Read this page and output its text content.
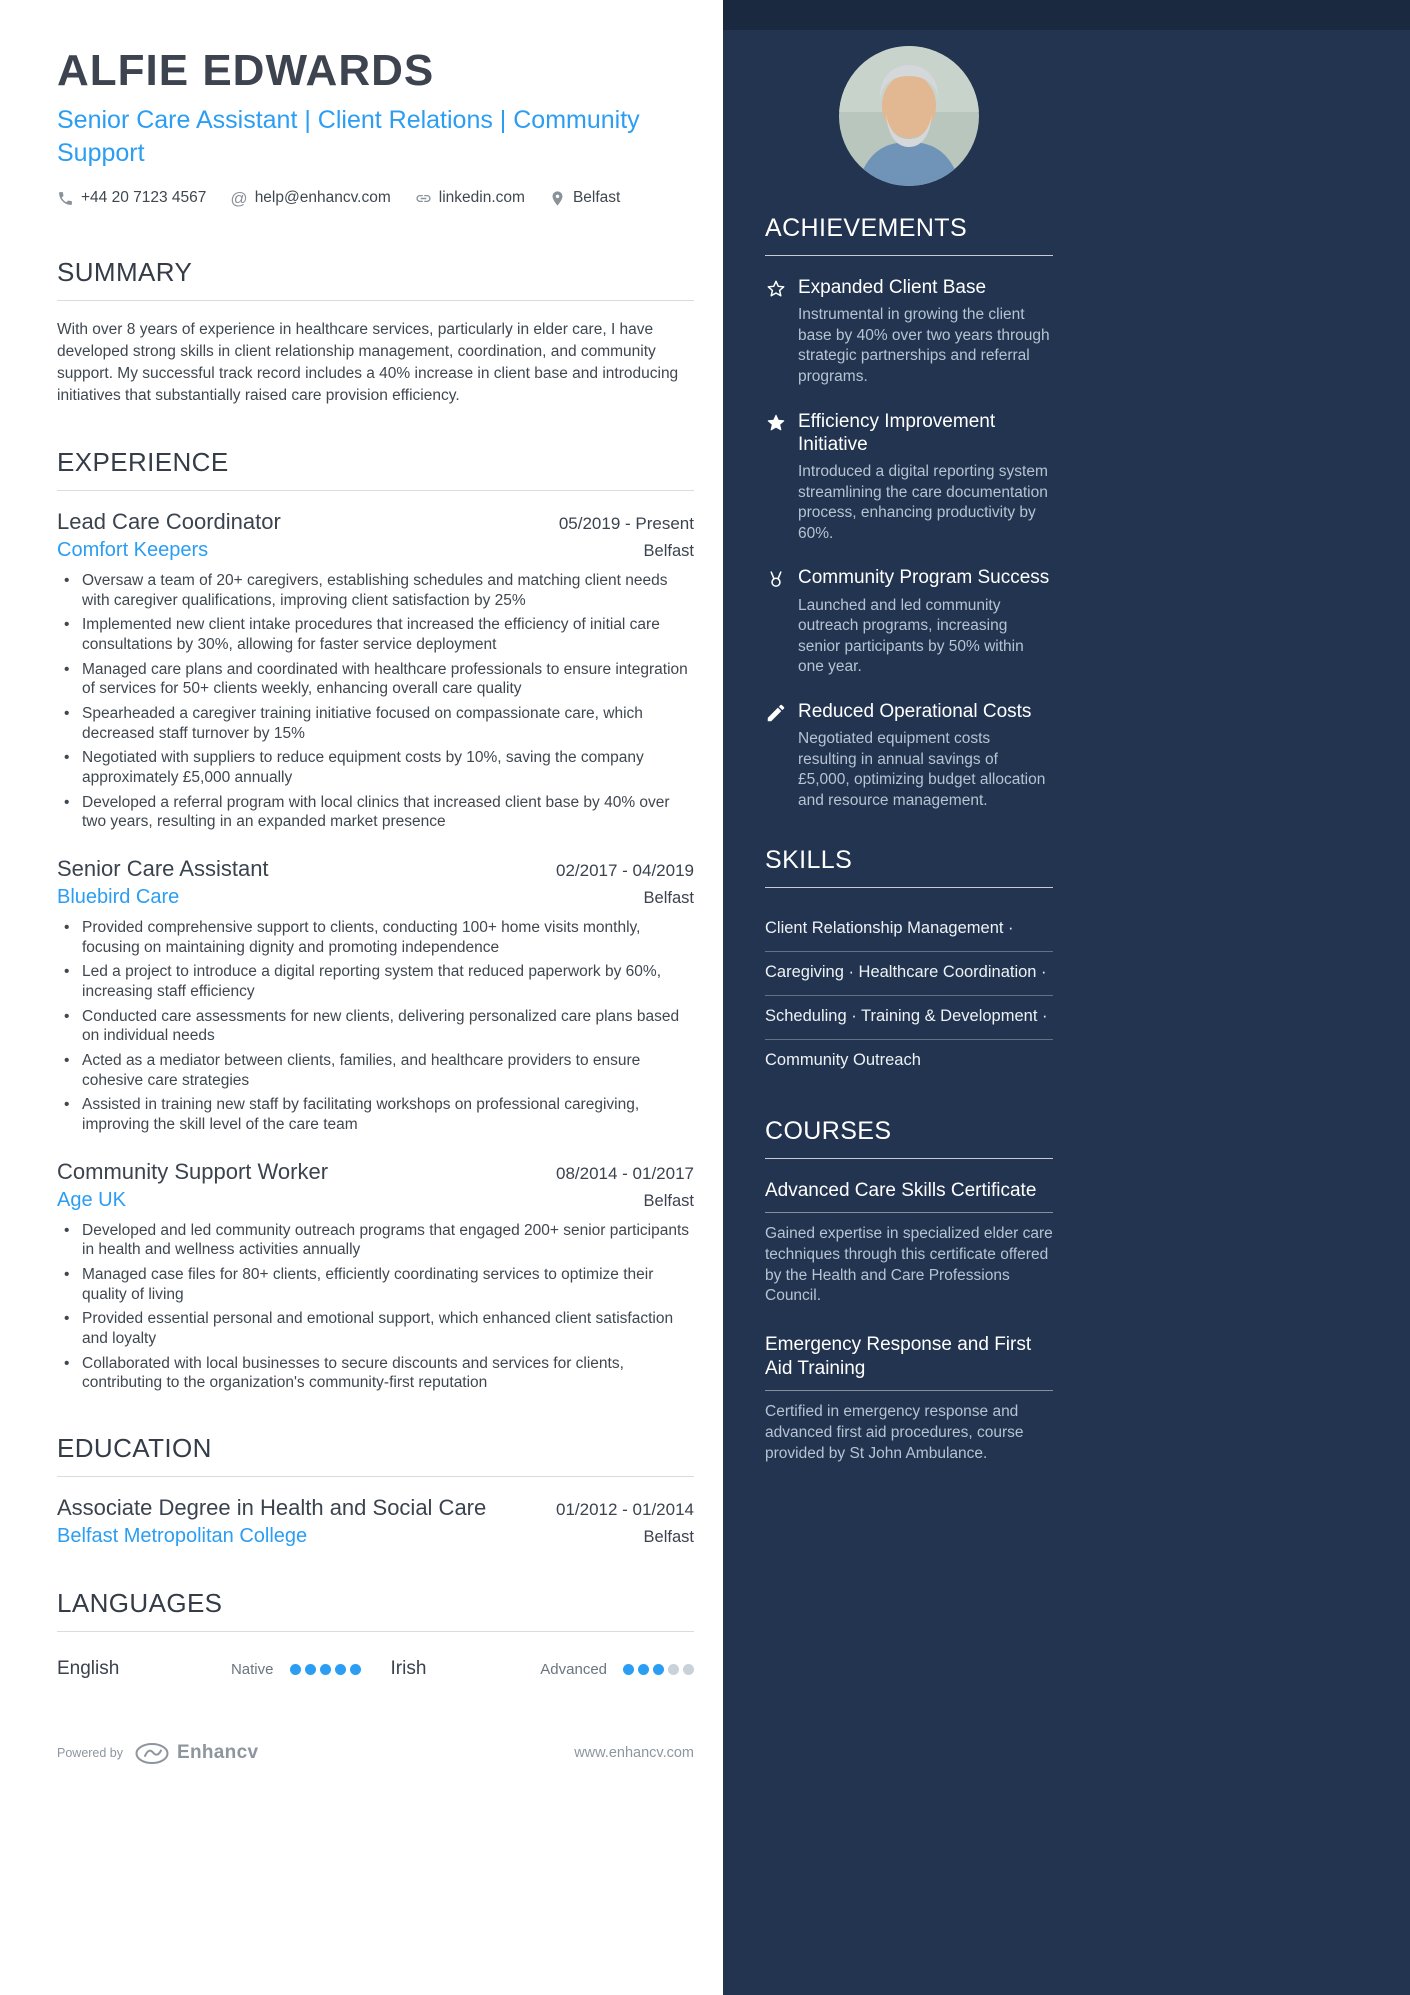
ALFIE EDWARDS
Senior Care Assistant | Client Relations | Community Support
+44 20 7123 4567 @ help@enhancv.com	linkedin.com	Belfast
SUMMARY

With over 8 years of experience in healthcare services, particularly in elder care, I have developed strong skills in client relationship management, coordination, and community support. My successful track record includes a 40% increase in client base and introducing initiatives that substantially raised care provision efficiency.

EXPERIENCE
Lead Care Coordinator	05/2019 - Present
Comfort Keepers	Belfast
• Oversaw a team of 20+ caregivers, establishing schedules and matching client needs with caregiver qualifications, improving client satisfaction by 25%
• Implemented new client intake procedures that increased the efficiency of initial care consultations by 30%, allowing for faster service deployment
• Managed care plans and coordinated with healthcare professionals to ensure integration of services for 50+ clients weekly, enhancing overall care quality
• Spearheaded a caregiver training initiative focused on compassionate care, which decreased staff turnover by 15%
• Negotiated with suppliers to reduce equipment costs by 10%, saving the company approximately £5,000 annually
• Developed a referral program with local clinics that increased client base by 40% over two years, resulting in an expanded market presence
Senior Care Assistant	02/2017 - 04/2019
Bluebird Care	Belfast
• Provided comprehensive support to clients, conducting 100+ home visits monthly, focusing on maintaining dignity and promoting independence
• Led a project to introduce a digital reporting system that reduced paperwork by 60%, increasing staff efficiency
• Conducted care assessments for new clients, delivering personalized care plans based on individual needs
• Acted as a mediator between clients, families, and healthcare providers to ensure cohesive care strategies
• Assisted in training new staff by facilitating workshops on professional caregiving, improving the skill level of the care team
Community Support Worker	08/2014 - 01/2017
Age UK	Belfast
• Developed and led community outreach programs that engaged 200+ senior participants in health and wellness activities annually
• Managed case files for 80+ clients, efficiently coordinating services to optimize their quality of living
• Provided essential personal and emotional support, which enhanced client satisfaction and loyalty
• Collaborated with local businesses to secure discounts and services for clients, contributing to the organization's community-first reputation
EDUCATION
Associate Degree in Health and Social Care	01/2012 - 01/2014
Belfast Metropolitan College	Belfast
LANGUAGES
English	Native	Irish	Advanced
Powered by	Enhancv	www.enhancv.com
ACHIEVEMENTS
Expanded Client Base

Instrumental in growing the client base by 40% over two years through strategic partnerships and referral programs.

Efficiency Improvement Initiative

Introduced a digital reporting system streamlining the care documentation process, enhancing productivity by 60%.

Community Program Success

Launched and led community outreach programs, increasing senior participants by 50% within one year.

Reduced Operational Costs

Negotiated equipment costs resulting in annual savings of £5,000, optimizing budget allocation and resource management.

SKILLS
Client Relationship Management ·
Caregiving · Healthcare Coordination ·
Scheduling · Training & Development ·
Community Outreach
COURSES
Advanced Care Skills Certificate

Gained expertise in specialized elder care techniques through this certificate offered by the Health and Care Professions Council.

Emergency Response and First Aid Training

Certified in emergency response and advanced first aid procedures, course provided by St John Ambulance.
